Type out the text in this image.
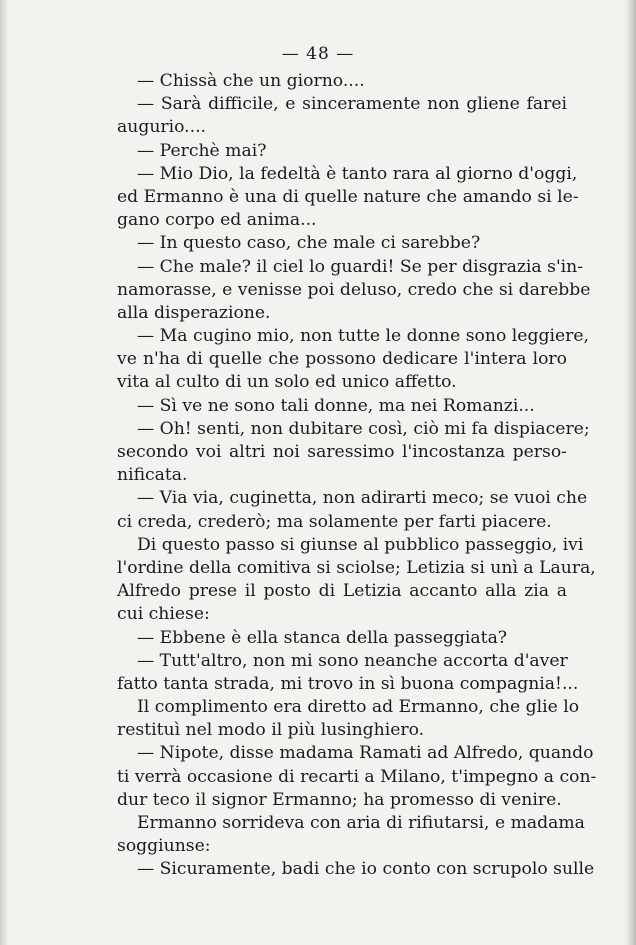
— 48 —
— Chissà che un giorno....
— Sarà difficile, e sinceramente non gliene farei
augurio....
— Perchè mai?
— Mio Dio, la fedeltà è tanto rara al giorno d'oggi,
ed Ermanno è una di quelle nature che amando si le-
gano corpo ed anima...
— In questo caso, che male ci sarebbe?
— Che male? il ciel lo guardi! Se per disgrazia s'in-
namorasse, e venisse poi deluso, credo che si darebbe
alla disperazione.
— Ma cugino mio, non tutte le donne sono leggiere,
ve n'ha di quelle che possono dedicare l'intera loro
vita al culto di un solo ed unico affetto.
— Sì ve ne sono tali donne, ma nei Romanzi...
— Oh! senti, non dubitare così, ciò mi fa dispiacere;
secondo voi altri noi saressimo l'incostanza perso-
nificata.
— Via via, cuginetta, non adirarti meco; se vuoi che
ci creda, crederò; ma solamente per farti piacere.
Di questo passo si giunse al pubblico passeggio, ivi
l'ordine della comitiva si sciolse; Letizia si unì a Laura,
Alfredo prese il posto di Letizia accanto alla zia a
cui chiese:
— Ebbene è ella stanca della passeggiata?
— Tutt'altro, non mi sono neanche accorta d'aver
fatto tanta strada, mi trovo in sì buona compagnia!...
Il complimento era diretto ad Ermanno, che glie lo
restituì nel modo il più lusinghiero.
— Nipote, disse madama Ramati ad Alfredo, quando
ti verrà occasione di recarti a Milano, t'impegno a con-
dur teco il signor Ermanno; ha promesso di venire.
Ermanno sorrideva con aria di rifiutarsi, e madama
soggiunse:
— Sicuramente, badi che io conto con scrupolo sulle
